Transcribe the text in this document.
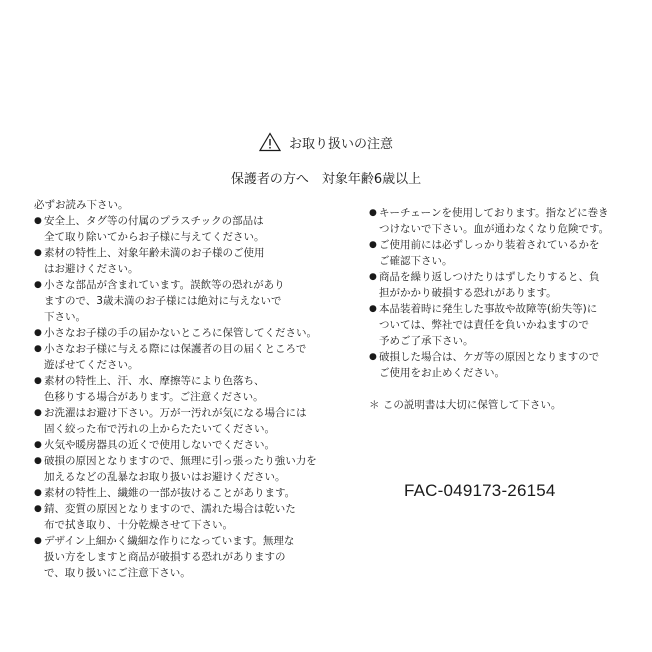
お取り扱いの注意
保護者の方へ　対象年齢6歳以上

必ずお読み下さい。

● 安全上、タグ等の付属のプラスチックの部品は
全て取り除いてからお子様に与えてください。
● 素材の特性上、対象年齢未満のお子様のご使用
はお避けください。
● 小さな部品が含まれています。誤飲等の恐れがあり
ますので、3歳未満のお子様には絶対に与えないで
下さい。
● 小さなお子様の手の届かないところに保管してください。
● 小さなお子様に与える際には保護者の目の届くところで
遊ばせてください。
● 素材の特性上、汗、水、摩擦等により色落ち、
色移りする場合があります。ご注意ください。
● お洗濯はお避け下さい。万が一汚れが気になる場合には
固く絞った布で汚れの上からたたいてください。
● 火気や暖房器具の近くで使用しないでください。
● 破損の原因となりますので、無理に引っ張ったり強い力を
加えるなどの乱暴なお取り扱いはお避けください。
● 素材の特性上、繊維の一部が抜けることがあります。
● 錆、変質の原因となりますので、濡れた場合は乾いた
布で拭き取り、十分乾燥させて下さい。
● デザイン上細かく繊細な作りになっています。無理な
扱い方をしますと商品が破損する恐れがありますの
で、取り扱いにご注意下さい。
● キーチェーンを使用しております。指などに巻き
つけないで下さい。血が通わなくなり危険です。
● ご使用前には必ずしっかり装着されているかを
ご確認下さい。
● 商品を繰り返しつけたりはずしたりすると、負
担がかかり破損する恐れがあります。
● 本品装着時に発生した事故や故障等(紛失等)に
ついては、弊社では責任を負いかねますので
予めご了承下さい。
● 破損した場合は、ケガ等の原因となりますので
ご使用をお止めください。
＊ この説明書は大切に保管して下さい。
FAC-049173-26154
